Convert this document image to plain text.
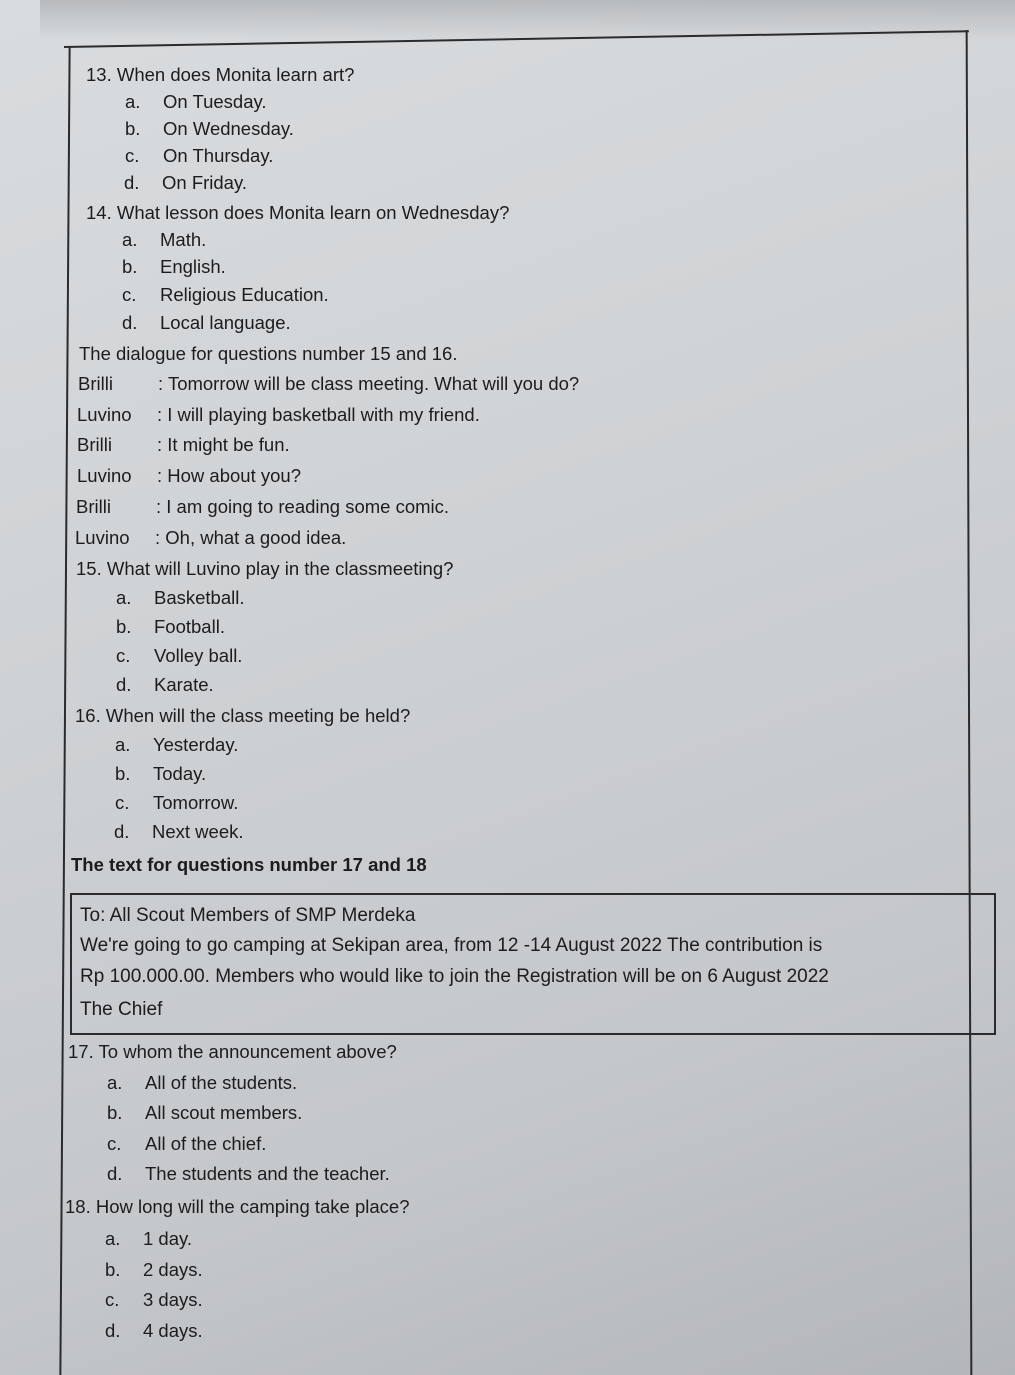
13. When does Monita learn art?
a. On Tuesday.
b. On Wednesday.
c. On Thursday.
d. On Friday.
14. What lesson does Monita learn on Wednesday?
a. Math.
b. English.
c. Religious Education.
d. Local language.
The dialogue for questions number 15 and 16.
Brilli : Tomorrow will be class meeting. What will you do?
Luvino : I will playing basketball with my friend.
Brilli : It might be fun.
Luvino : How about you?
Brilli : I am going to reading some comic.
Luvino : Oh, what a good idea.
15. What will Luvino play in the classmeeting?
a. Basketball.
b. Football.
c. Volley ball.
d. Karate.
16. When will the class meeting be held?
a. Yesterday.
b. Today.
c. Tomorrow.
d. Next week.
The text for questions number 17 and 18
To: All Scout Members of SMP Merdeka
We're going to go camping at Sekipan area, from 12 -14 August 2022 The contribution is
Rp 100.000.00. Members who would like to join the Registration will be on 6 August 2022
The Chief
17. To whom the announcement above?
a. All of the students.
b. All scout members.
c. All of the chief.
d. The students and the teacher.
18. How long will the camping take place?
a. 1 day.
b. 2 days.
c. 3 days.
d. 4 days.
